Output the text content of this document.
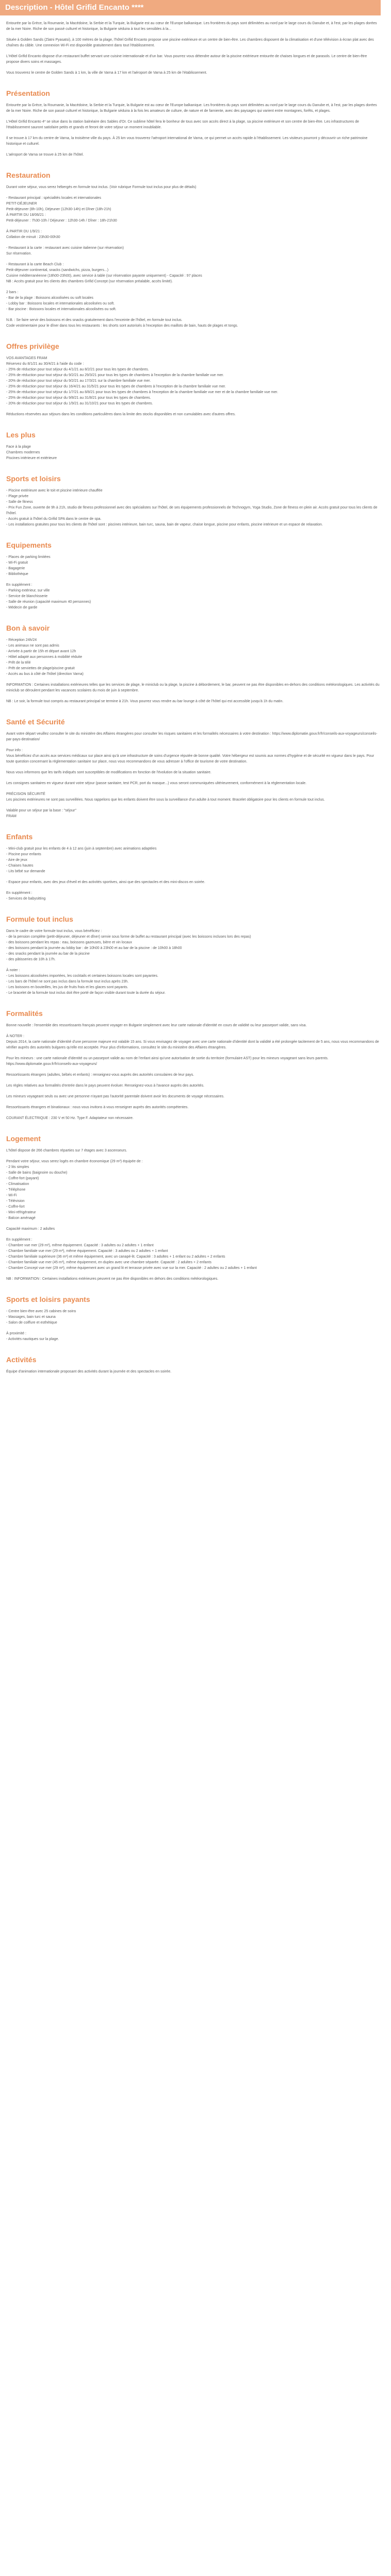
Description - Hôtel Grifid Encanto ****

Entourée par la Grèce, la Roumanie, la Macédoine, la Serbie et la Turquie, la Bulgarie est au cœur de l'Europe balkanique. Les frontières du pays sont délimitées au nord par le large cours du Danube et, à l'est, par les plages dorées de la mer Noire. Riche de son passé culturel et historique, la Bulgarie séduira à tout les sensibles à la...

Située à Golden Sands (Zlatni Pyasatsi), à 100 mètres de la plage, l'hôtel Grifid Encanto propose une piscine extérieure et un centre de bien-être. Les chambres disposent de la climatisation et d'une télévision à écran plat avec des chaînes du câble. Une connexion Wi-Fi est disponible gratuitement dans tout l'établissement.

L'Hôtel Grifid Encanto dispose d'un restaurant buffet servant une cuisine internationale et d'un bar. Vous pourrez vous détendre autour de la piscine extérieure entourée de chaises longues et de parasols. Le centre de bien-être propose divers soins et massages.

Vous trouverez le centre de Golden Sands à 1 km, la ville de Varna à 17 km et l'aéroport de Varna à 25 km de l'établissement.

Présentation

Entourée par la Grèce, la Roumanie, la Macédoine, la Serbie et la Turquie, la Bulgarie est au cœur de l'Europe balkanique. Les frontières du pays sont délimitées au nord par le large cours du Danube et, à l'est, par les plages dorées de la mer Noire. Riche de son passé culturel et historique, la Bulgarie séduira à la fois les amateurs de culture, de nature et de farniente, avec des paysages qui varient entre montagnes, forêts, et plages.

L'Hôtel Grifid Encanto 4* se situe dans la station balnéaire des Sables d'Or. Ce sublime hôtel fera le bonheur de tous avec son accès direct à la plage, sa piscine extérieure et son centre de bien-être. Les infrastructures de l'établissement sauront satisfaire petits et grands et feront de votre séjour un moment inoubliable.

Il se trouve à 17 km du centre de Varna, la troisième ville du pays. À 25 km vous trouverez l'aéroport international de Varna, ce qui permet un accès rapide à l'établissement. Les visiteurs pourront y découvrir un riche patrimoine historique et culturel.

L'aéroport de Varna se trouve à 25 km de l'hôtel.

Restauration

Durant votre séjour, vous serez hébergés en formule tout inclus. (Voir rubrique Formule tout inclus pour plus de détails)

- Restaurant principal : spécialités locales et internationales
PETIT-DÉJEUNER
Petit-déjeuner (8h-10h), Déjeuner (12h30-14h) et Dîner (18h-21h)
À PARTIR DU 18/06/21 :
Petit-déjeuner : 7h30-10h / Déjeuner : 12h30-14h / Dîner : 18h-21h30

À PARTIR DU 1/9/21 :
Collation de minuit : 23h30-00h30

- Restaurant à la carte : restaurant avec cuisine italienne (sur réservation)
Sur réservation.

- Restaurant à la carte Beach Club :
Petit-déjeuner continental, snacks (sandwichs, pizza, burgers...)
Cuisine méditerranéenne (18h00-23h00), avec service à table (sur réservation payante uniquement) - Capacité : 97 places
NB : Accès gratuit pour les clients des chambres Grifid Concept (sur réservation préalable, accès limité).

2 bars :
- Bar de la plage : Boissons alcoolisées ou soft locales
- Lobby bar : Boissons locales et internationales alcoolisées ou soft.
- Bar piscine : Boissons locales et internationales alcoolisées ou soft.

N.B. : Se faire servir des boissons et des snacks gratuitement dans l'enceinte de l'hôtel, en formule tout inclus.
Code vestimentaire pour le dîner dans tous les restaurants : les shorts sont autorisés à l'exception des maillots de bain, hauts de plages et tongs.

Offres privilège

VOS AVANTAGES FRAM
Réservez du 8/1/21 au 30/4/21 à l'aide du code :
- 25% de réduction pour tout séjour du 4/1/21 au 8/2/21 pour tous les types de chambres.
- 25% de réduction pour tout séjour du 9/2/21 au 29/3/21 pour tous les types de chambres à l'exception de la chambre familiale vue mer.
- 20% de réduction pour tout séjour du 9/2/21 au 17/3/21 sur la chambre familiale vue mer.
- 25% de réduction pour tout séjour du 16/4/21 au 31/5/21 pour tous les types de chambres à l'exception de la chambre familiale vue mer.
- 25% de réduction pour tout séjour du 1/7/21 au 8/8/21 pour tous les types de chambres à l'exception de la chambre familiale vue mer et de la chambre familiale vue mer.
- 25% de réduction pour tout séjour du 9/8/21 au 31/8/21 pour tous les types de chambres.
- 20% de réduction pour tout séjour du 1/9/21 au 31/10/21 pour tous les types de chambres.

Réductions réservées aux séjours dans les conditions particulières dans la limite des stocks disponibles et non cumulables avec d'autres offres.

Les plus

Face à la plage
Chambres modernes
Piscines intérieure et extérieure

Sports et loisirs

- Piscine extérieure avec le toit et piscine intérieure chauffée
- Plage privée
- Salle de fitness
- Prix Fun Zone, ouverte de 9h à 21h, studio de fitness professionnel avec des spécialistes sur l'hôtel, de ses équipements professionnels de Technogym, Yoga Studio, Zone de fitness en plein air. Accès gratuit pour tous les clients de l'hôtel.
- Accès gratuit à l'hôtel du Grifid SPA dans le centre de spa.
- Les installations gratuites pour tous les clients de l'hôtel sont : piscines intérieure, bain turc, sauna, bain de vapeur, chaise longue, piscine pour enfants, piscine intérieure et un espace de relaxation.

Equipements

- Places de parking limitées
- Wi-Fi gratuit
- Bagagerie
- Bibliothèque

En supplément :
- Parking extérieur, sur ville
- Service de blanchisserie
- Salle de réunion (capacité maximum 40 personnes)
- Médecin de garde

Bon à savoir

- Réception 24h/24
- Les animaux ne sont pas admis
- Arrivée à partir de 15h et départ avant 12h
- Hôtel adapté aux personnes à mobilité réduite
- Prêt de la télé
- Prêt de serviettes de plage/piscine gratuit
- Accès au bus à côté de l'hôtel (direction Varna)

INFORMATION : Certaines installations extérieures telles que les services de plage, le miniclub ou la plage, la piscine à débordement, le bar, peuvent ne pas être disponibles en-dehors des conditions météorologiques. Les activités du miniclub se déroulent pendant les vacances scolaires du mois de juin à septembre.

NB : Le soir, la formule tout compris au restaurant principal se termine à 21h. Vous pourrez vous rendre au bar lounge à côté de l'hôtel qui est accessible jusqu'à 1h du matin.

Santé et Sécurité

Avant votre départ veuillez consulter le site du ministère des Affaires étrangères pour consulter les risques sanitaires et les formalités nécessaires à votre destination : https://www.diplomatie.gouv.fr/fr/conseils-aux-voyageurs/conseils-par-pays-destination/

Pour info :
Vous bénéficiez d'un accès aux services médicaux sur place ainsi qu'à une infrastructure de soins d'urgence réputée de bonne qualité. Votre hébergeur est soumis aux normes d'hygiène et de sécurité en vigueur dans le pays. Pour toute question concernant la réglementation sanitaire sur place, nous vous recommandons de vous adresser à l'office de tourisme de votre destination.

Nous vous informons que les tarifs indiqués sont susceptibles de modifications en fonction de l'évolution de la situation sanitaire.

Les consignes sanitaires en vigueur durant votre séjour (passe sanitaire, test PCR, port du masque...) vous seront communiquées ultérieurement, conformément à la réglementation locale.

PRÉCISION SÉCURITÉ
Les piscines extérieures ne sont pas surveillées. Nous rappelons que les enfants doivent être sous la surveillance d'un adulte à tout moment. Bracelet obligatoire pour les clients en formule tout inclus.

Valable pour un séjour par la base : "séjour"
FRAM

Enfants

- Mini-club gratuit pour les enfants de 4 à 12 ans (juin à septembre) avec animations adaptées
- Piscine pour enfants
- Aire de jeux
- Chaises hautes
- Lits bébé sur demande

- Espace pour enfants, avec des jeux d'éveil et des activités sportives, ainsi que des spectacles et des mini-discos en soirée.

En supplément :
- Services de babysitting

Formule tout inclus

Dans le cadre de votre formule tout inclus, vous bénéficiez :
- de la pension complète (petit-déjeuner, déjeuner et dîner) servie sous forme de buffet au restaurant principal (avec les boissons incluses lors des repas)
- des boissons pendant les repas : eau, boissons gazeuses, bière et vin locaux
- des boissons pendant la journée au lobby bar : de 10h00 à 23h00 et au bar de la piscine : de 10h00 à 18h00
- des snacks pendant la journée au bar de la piscine
- des pâtisseries de 10h à 17h.

À noter :
- Les boissons alcoolisées importées, les cocktails et certaines boissons locales sont payantes.
- Les bars de l'hôtel ne sont pas inclus dans la formule tout inclus après 23h.
- Les boissons en bouteilles, les jus de fruits frais et les glaces sont payants.
- Le bracelet de la formule tout inclus doit être porté de façon visible durant toute la durée du séjour.

Formalités

Bonne nouvelle : l'ensemble des ressortissants français peuvent voyager en Bulgarie simplement avec leur carte nationale d'identité en cours de validité ou leur passeport valide, sans visa.

À NOTER :
Depuis 2014, la carte nationale d'identité d'une personne majeure est valable 15 ans. Si vous envisagez de voyager avec une carte nationale d'identité dont la validité a été prolongée tacitement de 5 ans, nous vous recommandons de vérifier auprès des autorités bulgares qu'elle est acceptée. Pour plus d'informations, consultez le site du ministère des Affaires étrangères.

Pour les mineurs : une carte nationale d'identité ou un passeport valide au nom de l'enfant ainsi qu'une autorisation de sortie du territoire (formulaire AST) pour les mineurs voyageant sans leurs parents. https://www.diplomatie.gouv.fr/fr/conseils-aux-voyageurs/

Ressortissants étrangers (adultes, bébés et enfants) : renseignez-vous auprès des autorités consulaires de leur pays.

Les règles relatives aux formalités d'entrée dans le pays peuvent évoluer. Renseignez-vous à l'avance auprès des autorités.

Les mineurs voyageant seuls ou avec une personne n'ayant pas l'autorité parentale doivent avoir les documents de voyage nécessaires.

Ressortissants étrangers et binationaux : nous vous invitons à vous renseigner auprès des autorités compétentes.

COURANT ÉLECTRIQUE : 230 V et 50 Hz. Type F. Adaptateur non nécessaire.

Logement

L'hôtel dispose de 266 chambres réparties sur 7 étages avec 3 ascenseurs.

Pendant votre séjour, vous serez logés en chambre économique (29 m²) équipée de :
- 2 lits simples
- Salle de bains (baignoire ou douche)
- Coffre-fort (payant)
- Climatisation
- Téléphone
- Wi-Fi
- Télévision
- Coffre-fort
- Mini-réfrigérateur
- Balcon aménagé

Capacité maximum : 2 adultes

En supplément :
- Chambre vue mer (29 m²), même équipement. Capacité : 3 adultes ou 2 adultes + 1 enfant
- Chambre familiale vue mer (29 m²), même équipement. Capacité : 3 adultes ou 2 adultes + 1 enfant
- Chambre familiale supérieure (36 m²) et même équipement, avec un canapé-lit. Capacité : 3 adultes + 1 enfant ou 2 adultes + 2 enfants
- Chambre familiale vue mer (45 m²), même équipement, en duplex avec une chambre séparée. Capacité : 2 adultes + 2 enfants
- Chambre Concept vue mer (29 m²), même équipement avec un grand lit et terrasse privée avec vue sur la mer. Capacité : 2 adultes ou 2 adultes + 1 enfant

NB : INFORMATION : Certaines installations extérieures peuvent ne pas être disponibles en dehors des conditions météorologiques.

Sports et loisirs payants

- Centre bien-être avec 25 cabines de soins
- Massages, bain turc et sauna
- Salon de coiffure et esthétique

À proximité :
- Activités nautiques sur la plage.

Activités

Équipe d'animation internationale proposant des activités durant la journée et des spectacles en soirée.
